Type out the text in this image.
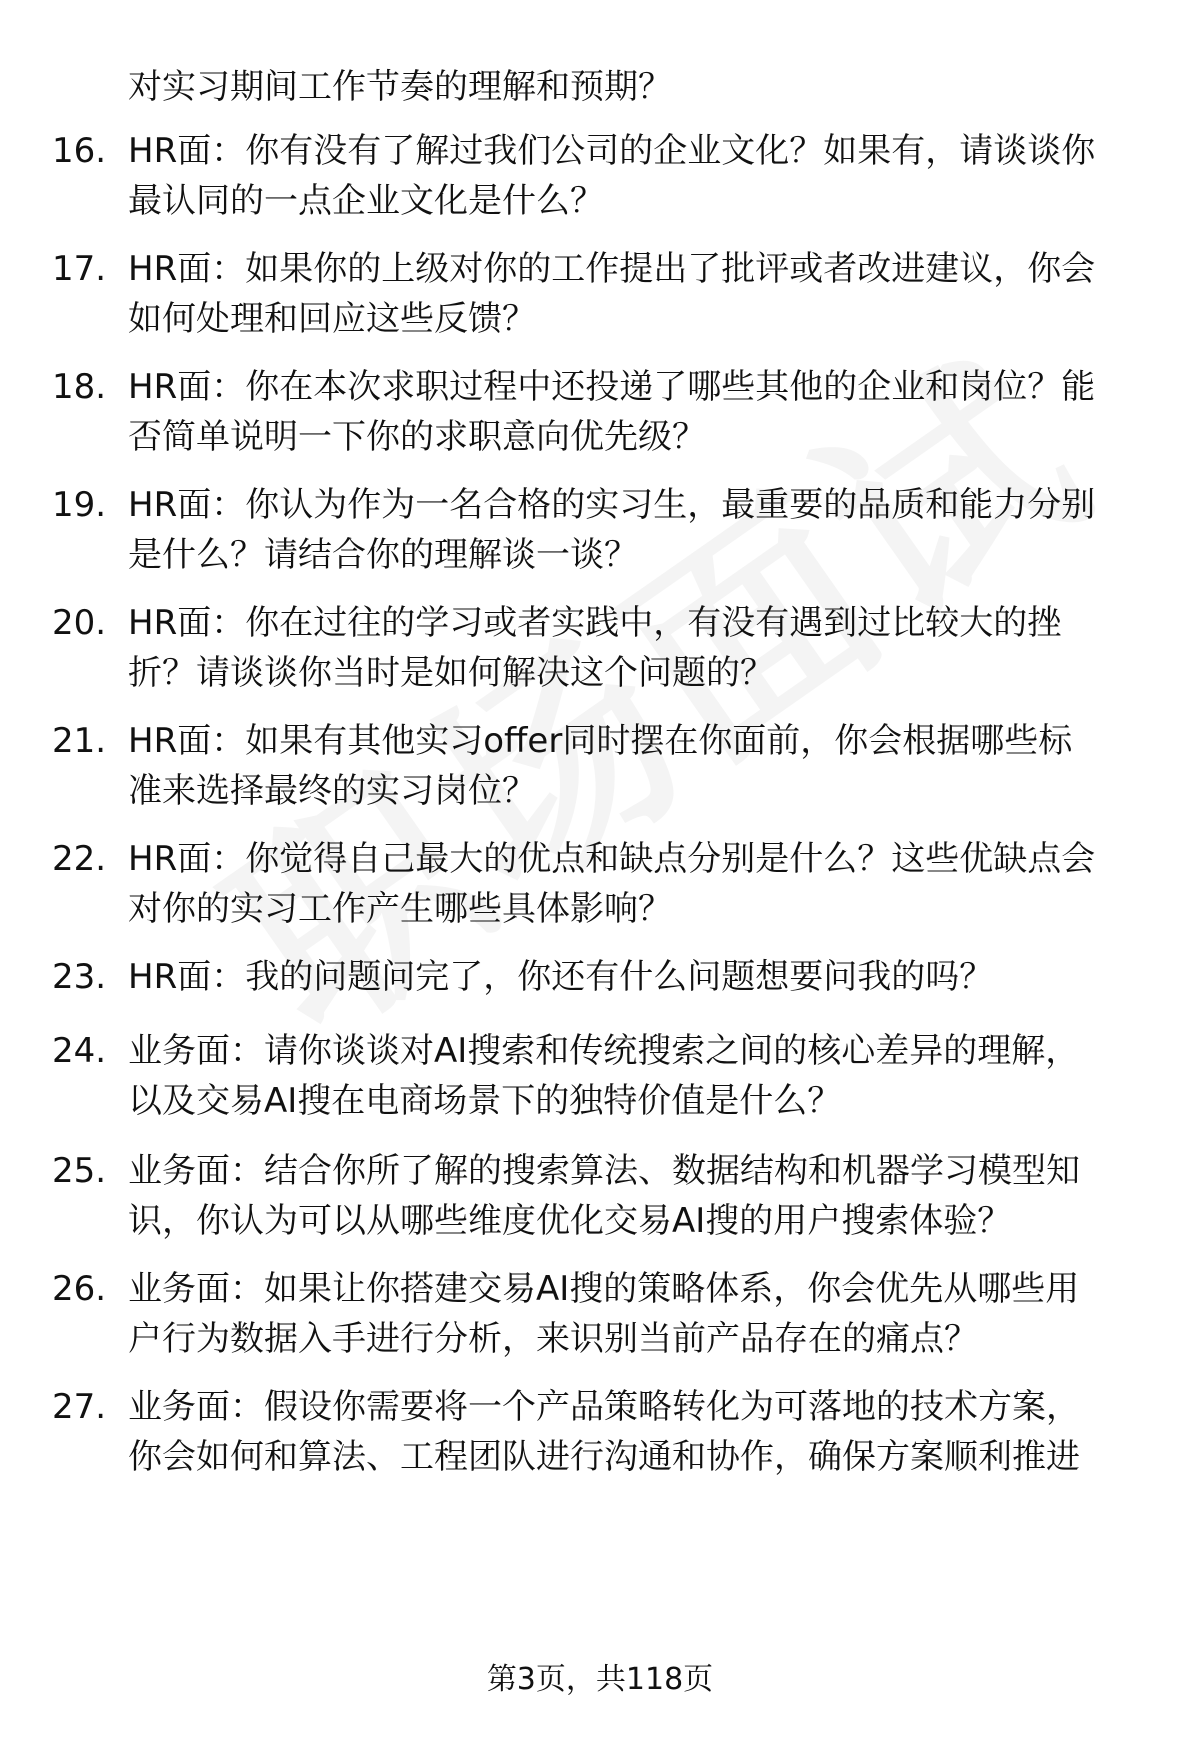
对实习期间工作节奏的理解和预期？
16. HR面：你有没有了解过我们公司的企业文化？如果有，请谈谈你
最认同的一点企业文化是什么？
17. HR面：如果你的上级对你的工作提出了批评或者改进建议，你会
如何处理和回应这些反馈？
18. HR面：你在本次求职过程中还投递了哪些其他的企业和岗位？能
否简单说明一下你的求职意向优先级？
19. HR面：你认为作为一名合格的实习生，最重要的品质和能力分别
是什么？请结合你的理解谈一谈？
20. HR面：你在过往的学习或者实践中，有没有遇到过比较大的挫
折？请谈谈你当时是如何解决这个问题的？
21. HR面：如果有其他实习offer同时摆在你面前，你会根据哪些标
准来选择最终的实习岗位？
22. HR面：你觉得自己最大的优点和缺点分别是什么？这些优缺点会
对你的实习工作产生哪些具体影响？
23. HR面：我的问题问完了，你还有什么问题想要问我的吗？
24. 业务面：请你谈谈对AI搜索和传统搜索之间的核心差异的理解，
以及交易AI搜在电商场景下的独特价值是什么？
25. 业务面：结合你所了解的搜索算法、数据结构和机器学习模型知
识，你认为可以从哪些维度优化交易AI搜的用户搜索体验？
26. 业务面：如果让你搭建交易AI搜的策略体系，你会优先从哪些用
户行为数据入手进行分析，来识别当前产品存在的痛点？
27. 业务面：假设你需要将一个产品策略转化为可落地的技术方案，
你会如何和算法、工程团队进行沟通和协作，确保方案顺利推进
第3页，共118页
